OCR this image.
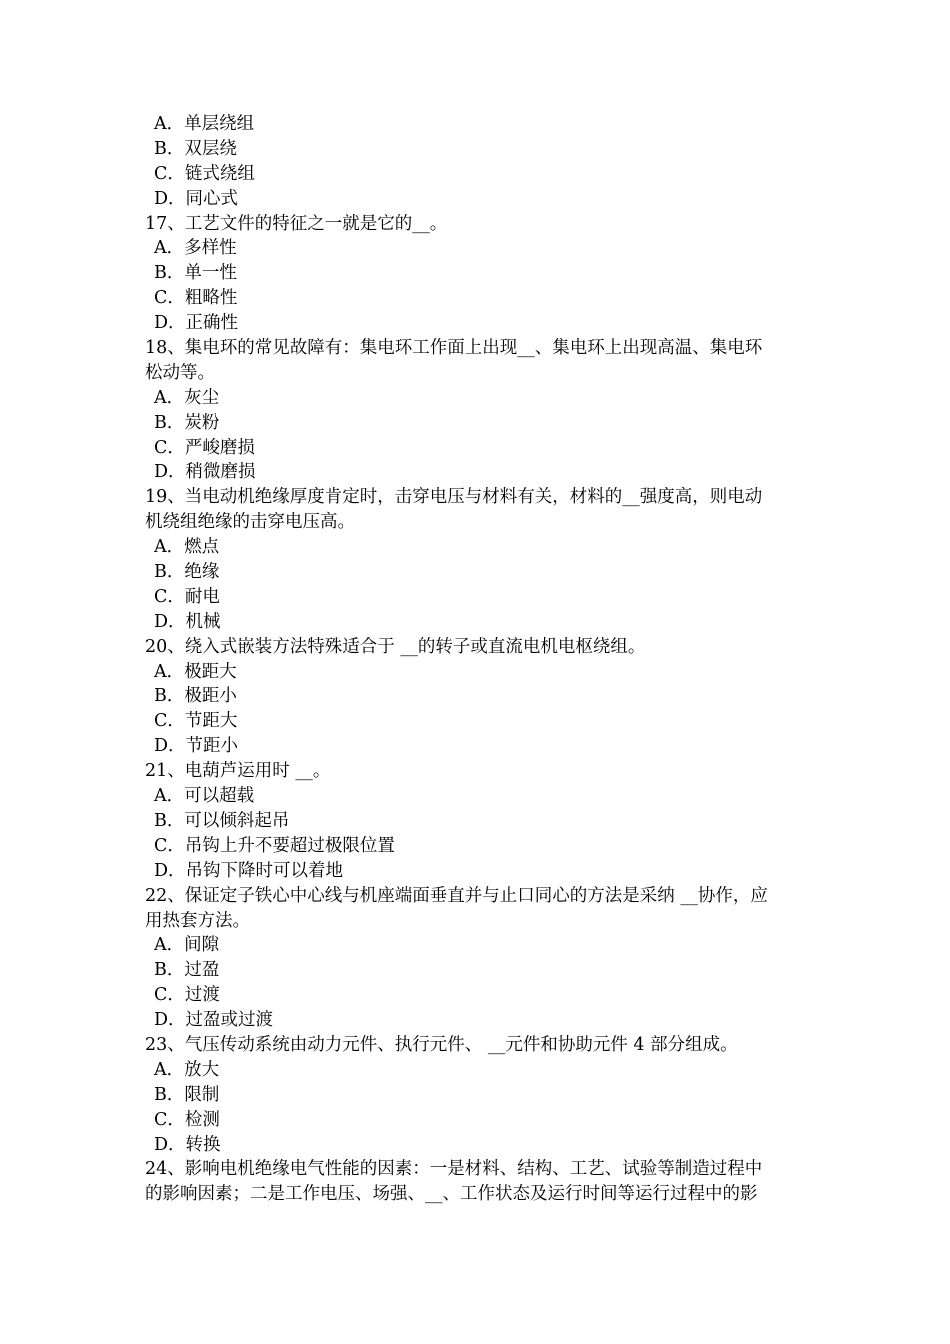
A．单层绕组
B．双层绕
C．链式绕组
D．同心式
17、工艺文件的特征之一就是它的__。
A．多样性
B．单一性
C．粗略性
D．正确性
18、集电环的常见故障有：集电环工作面上出现__、集电环上出现高温、集电环
松动等。
A．灰尘
B．炭粉
C．严峻磨损
D．稍微磨损
19、当电动机绝缘厚度肯定时，击穿电压与材料有关，材料的__强度高，则电动
机绕组绝缘的击穿电压高。
A．燃点
B．绝缘
C．耐电
D．机械
20、绕入式嵌装方法特殊适合于 __的转子或直流电机电枢绕组。
A．极距大
B．极距小
C．节距大
D．节距小
21、电葫芦运用时 __。
A．可以超载
B．可以倾斜起吊
C．吊钩上升不要超过极限位置
D．吊钩下降时可以着地
22、保证定子铁心中心线与机座端面垂直并与止口同心的方法是采纳 __协作，应
用热套方法。
A．间隙
B．过盈
C．过渡
D．过盈或过渡
23、气压传动系统由动力元件、执行元件、 __元件和协助元件 4 部分组成。
A．放大
B．限制
C．检测
D．转换
24、影响电机绝缘电气性能的因素：一是材料、结构、工艺、试验等制造过程中
的影响因素；二是工作电压、场强、__、工作状态及运行时间等运行过程中的影
